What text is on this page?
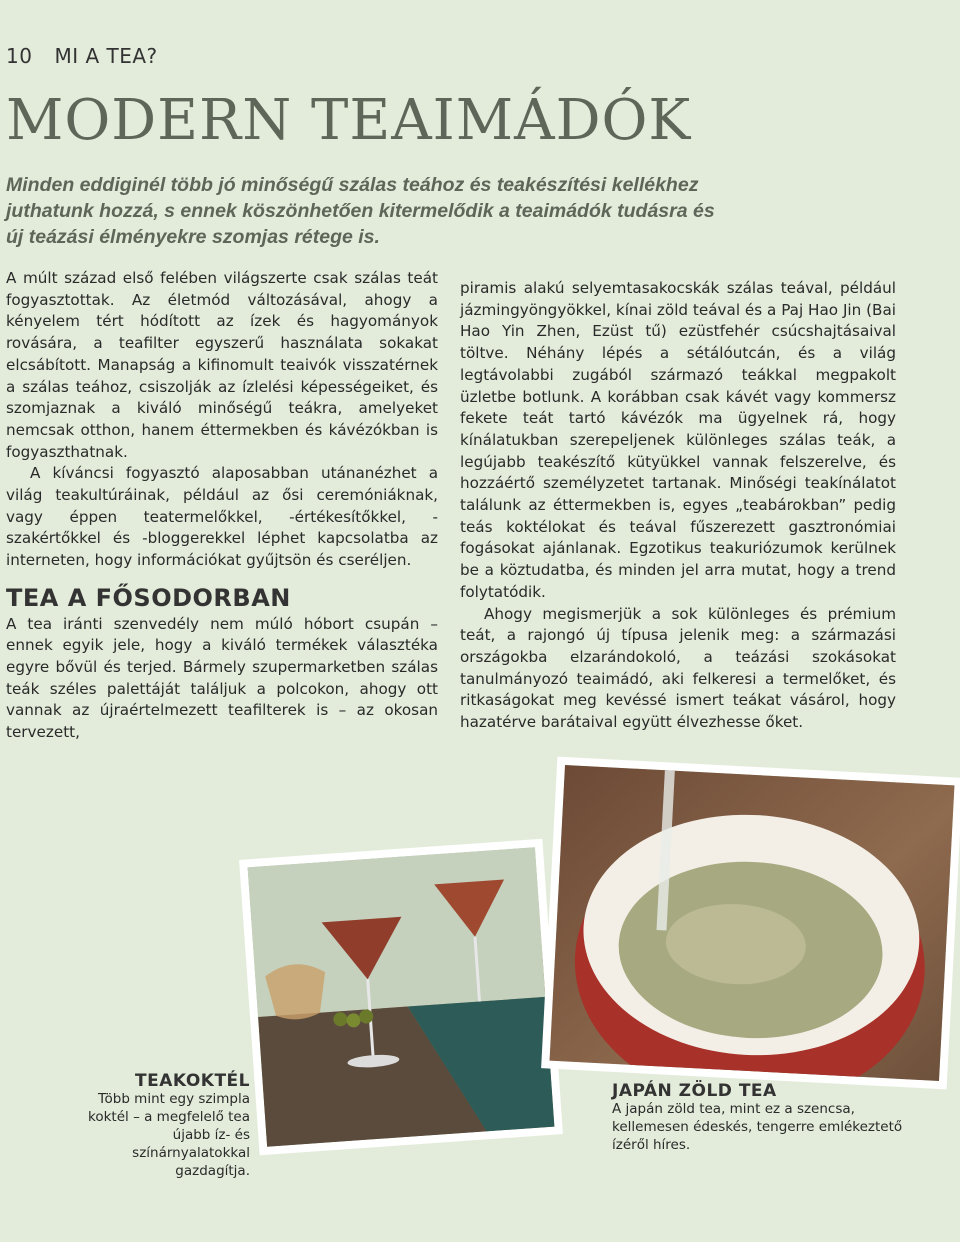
10 MI A TEA?
MODERN TEAIMÁDÓK

Minden eddiginél több jó minőségű szálas teához és teakészítési kellékhez juthatunk hozzá, s ennek köszönhetően kitermelődik a teaimádók tudásra és új teázási élményekre szomjas rétege is.

A múlt század első felében világszerte csak szálas teát fogyasztottak. Az életmód változásával, ahogy a kényelem tért hódított az ízek és hagyományok rovására, a teafilter egyszerű használata sokakat elcsábított. Manapság a kifinomult teaivók visszatérnek a szálas teához, csiszolják az ízlelési képességeiket, és szomjaznak a kiváló minőségű teákra, amelyeket nemcsak otthon, hanem éttermekben és kávézókban is fogyaszthatnak.

A kíváncsi fogyasztó alaposabban utánanézhet a világ teakultúráinak, például az ősi ceremóniáknak, vagy éppen teatermelőkkel, -értékesítőkkel, -szakértőkkel és -bloggerekkel léphet kapcsolatba az interneten, hogy információkat gyűjtsön és cseréljen.

TEA A FŐSODORBAN

A tea iránti szenvedély nem múló hóbort csupán – ennek egyik jele, hogy a kiváló termékek választéka egyre bővül és terjed. Bármely szupermarketben szálas teák széles palettáját találjuk a polcokon, ahogy ott vannak az újraértelmezett teafilterek is – az okosan tervezett,

piramis alakú selyemtasakocskák szálas teával, például jázmingyöngyökkel, kínai zöld teával és a Paj Hao Jin (Bai Hao Yin Zhen, Ezüst tű) ezüstfehér csúcshajtásaival töltve. Néhány lépés a sétálóutcán, és a világ legtávolabbi zugából származó teákkal megpakolt üzletbe botlunk. A korábban csak kávét vagy kommersz fekete teát tartó kávézók ma ügyelnek rá, hogy kínálatukban szerepeljenek különleges szálas teák, a legújabb teakészítő kütyükkel vannak felszerelve, és hozzáértő személyzetet tartanak. Minőségi teakínálatot találunk az éttermekben is, egyes „teabárokban” pedig teás koktélokat és teával fűszerezett gasztronómiai fogásokat ajánlanak. Egzotikus teakuriózumok kerülnek be a köztudatba, és minden jel arra mutat, hogy a trend folytatódik.

Ahogy megismerjük a sok különleges és prémium teát, a rajongó új típusa jelenik meg: a származási országokba elzarándokoló, a teázási szokásokat tanulmányozó teaimádó, aki felkeresi a termelőket, és ritkaságokat meg kevéssé ismert teákat vásárol, hogy hazatérve barátaival együtt élvezhesse őket.

TEAKOKTÉL
Több mint egy szimpla koktél – a megfelelő tea újabb íz- és színárnyalatokkal gazdagítja.
JAPÁN ZÖLD TEA
A japán zöld tea, mint ez a szencsa, kellemesen édeskés, tengerre emlékeztető ízéről híres.
